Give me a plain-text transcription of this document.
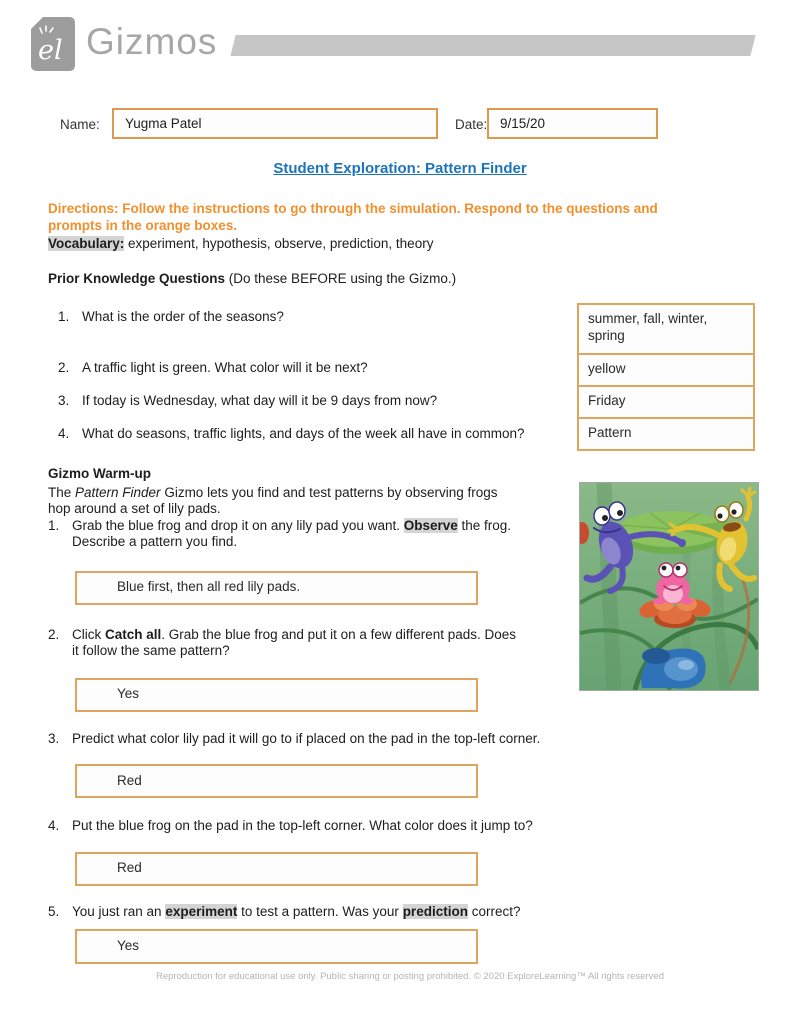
el Gizmos
Name: Yugma Patel	Date: 9/15/20
Student Exploration: Pattern Finder
Directions: Follow the instructions to go through the simulation. Respond to the questions and
prompts in the orange boxes.
Vocabulary: experiment, hypothesis, observe, prediction, theory
Prior Knowledge Questions (Do these BEFORE using the Gizmo.)
1. What is the order of the seasons?
2. A traffic light is green. What color will it be next?
3. If today is Wednesday, what day will it be 9 days from now?
4. What do seasons, traffic lights, and days of the week all have in common?
summer, fall, winter, spring
yellow
Friday
Pattern
Gizmo Warm-up
The Pattern Finder Gizmo lets you find and test patterns by observing frogs
hop around a set of lily pads.
1. Grab the blue frog and drop it on any lily pad you want. Observe the frog.
Describe a pattern you find.
Blue first, then all red lily pads.
2. Click Catch all. Grab the blue frog and put it on a few different pads. Does
it follow the same pattern?
Yes
3. Predict what color lily pad it will go to if placed on the pad in the top-left corner.
Red
4. Put the blue frog on the pad in the top-left corner. What color does it jump to?
Red
5. You just ran an experiment to test a pattern. Was your prediction correct?
Yes
Reproduction for educational use only. Public sharing or posting prohibited. © 2020 ExploreLearning™ All rights reserved
